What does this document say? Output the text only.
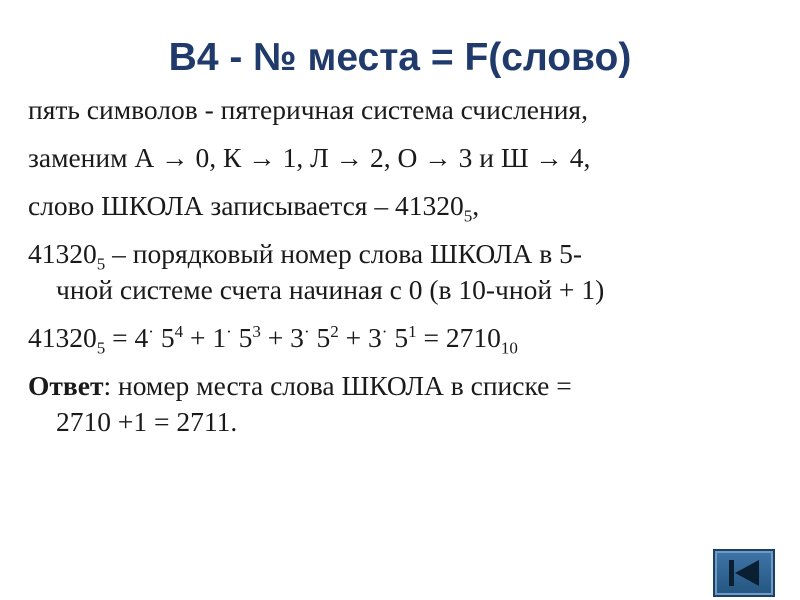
B4 - № места = F(слово)
пять символов - пятеричная система счисления,
заменим А → 0, К → 1, Л → 2, О → 3 и Ш → 4,
слово ШКОЛА записывается – $41320_5$,
$41320_5$ – порядковый номер слова ШКОЛА в 5-
чной системе счета начиная с 0 (в 10-чной + 1)
$41320_5 = 4^\cdot$ $5^4 + 1^\cdot$ $5^3 + 3^\cdot$ $5^2 + 3^\cdot$ $5^1 = 2710_{10}$
Ответ: номер места слова ШКОЛА в списке =
2710 +1 = 2711.
